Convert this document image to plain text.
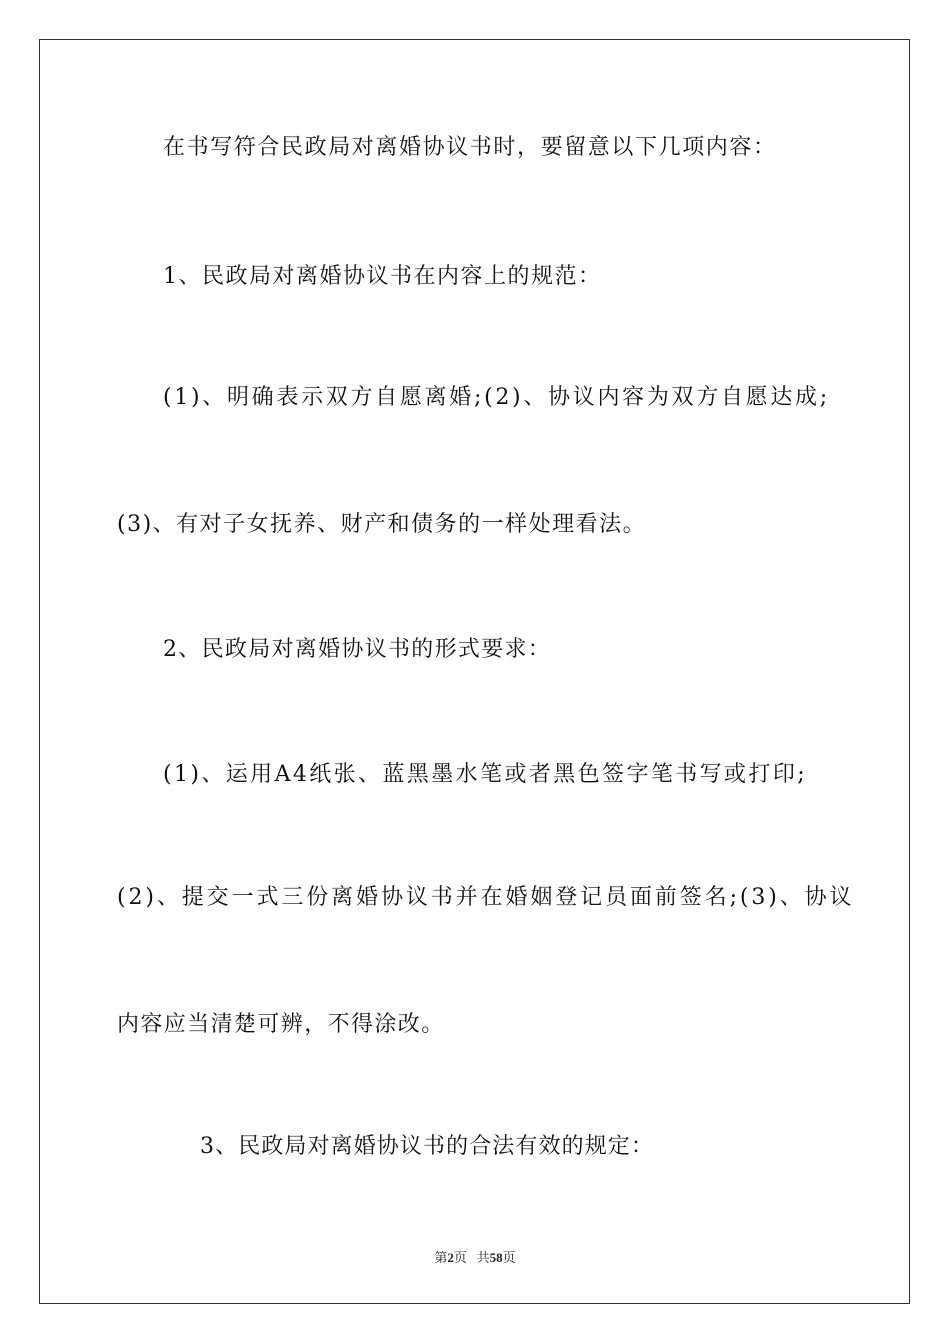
在书写符合民政局对离婚协议书时，要留意以下几项内容：

1、民政局对离婚协议书在内容上的规范：

(1)、明确表示双方自愿离婚;(2)、协议内容为双方自愿达成;

(3)、有对子女抚养、财产和债务的一样处理看法。

2、民政局对离婚协议书的形式要求：

(1)、运用A4纸张、蓝黑墨水笔或者黑色签字笔书写或打印;

(2)、提交一式三份离婚协议书并在婚姻登记员面前签名;(3)、协议

内容应当清楚可辨，不得涂改。

3、民政局对离婚协议书的合法有效的规定：

第2页 共58页
